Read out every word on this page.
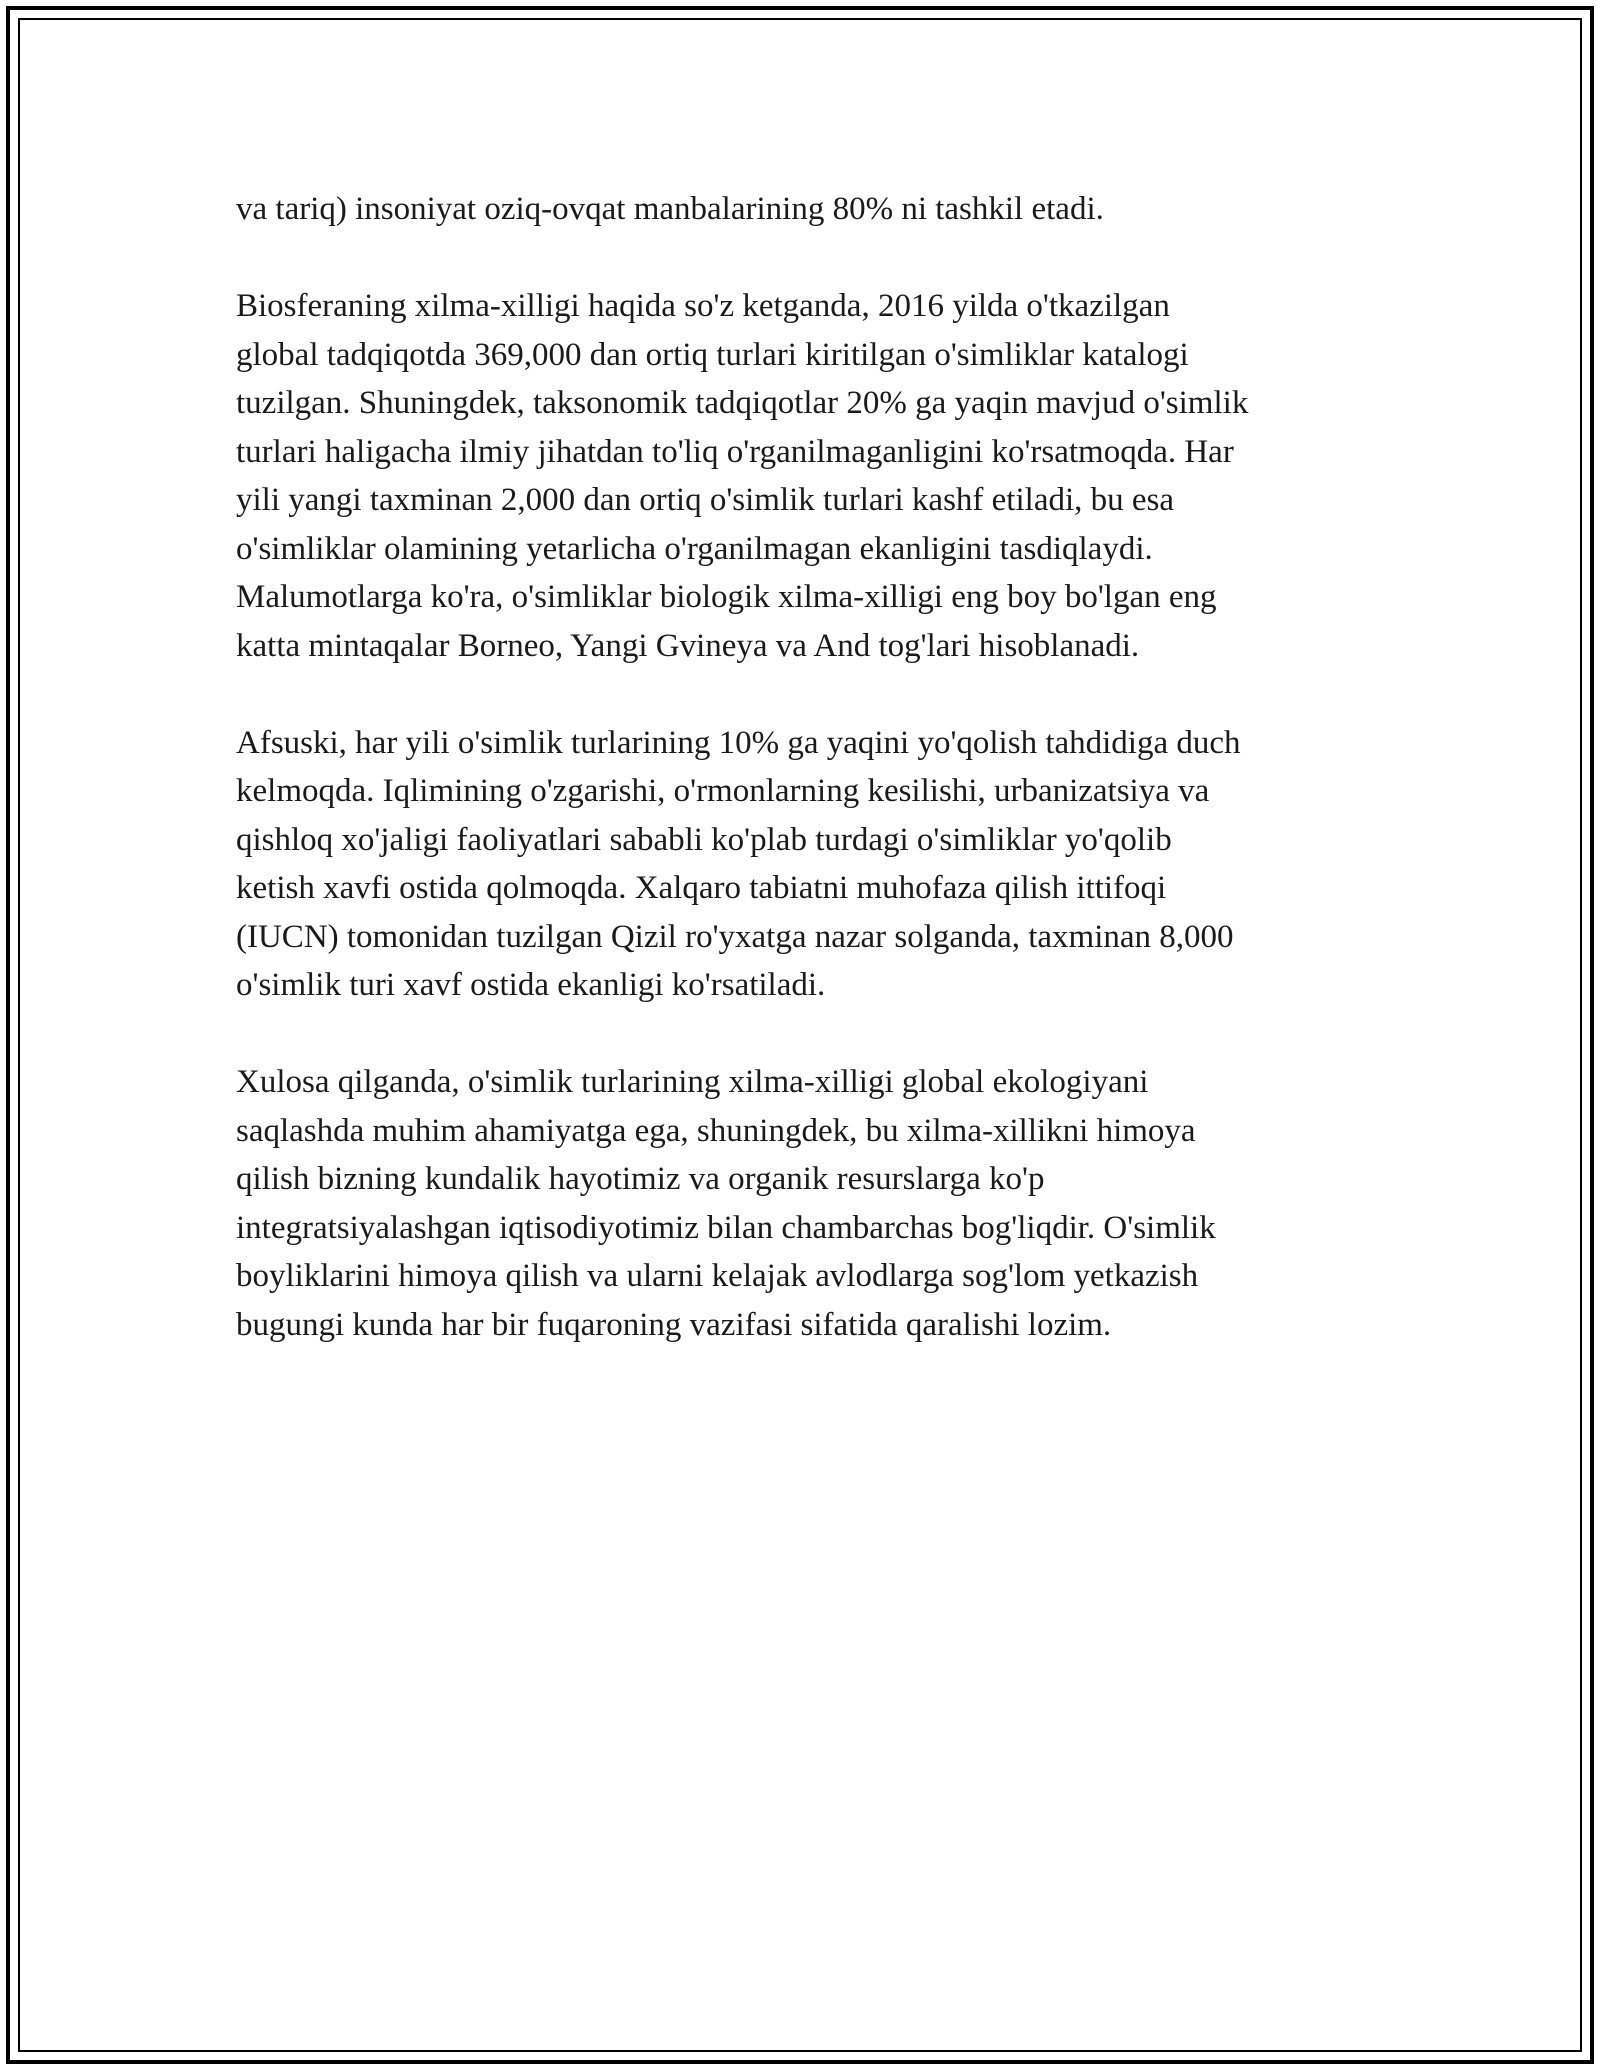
va tariq) insoniyat oziq-ovqat manbalarining 80% ni tashkil etadi.

Biosferaning xilma-xilligi haqida so'z ketganda, 2016 yilda o'tkazilgan
global tadqiqotda 369,000 dan ortiq turlari kiritilgan o'simliklar katalogi
tuzilgan. Shuningdek, taksonomik tadqiqotlar 20% ga yaqin mavjud o'simlik
turlari haligacha ilmiy jihatdan to'liq o'rganilmaganligini ko'rsatmoqda. Har
yili yangi taxminan 2,000 dan ortiq o'simlik turlari kashf etiladi, bu esa
o'simliklar olamining yetarlicha o'rganilmagan ekanligini tasdiqlaydi.
Malumotlarga ko'ra, o'simliklar biologik xilma-xilligi eng boy bo'lgan eng
katta mintaqalar Borneo, Yangi Gvineya va And tog'lari hisoblanadi.

Afsuski, har yili o'simlik turlarining 10% ga yaqini yo'qolish tahdidiga duch
kelmoqda. Iqlimining o'zgarishi, o'rmonlarning kesilishi, urbanizatsiya va
qishloq xo'jaligi faoliyatlari sababli ko'plab turdagi o'simliklar yo'qolib
ketish xavfi ostida qolmoqda. Xalqaro tabiatni muhofaza qilish ittifoqi
(IUCN) tomonidan tuzilgan Qizil ro'yxatga nazar solganda, taxminan 8,000
o'simlik turi xavf ostida ekanligi ko'rsatiladi.

Xulosa qilganda, o'simlik turlarining xilma-xilligi global ekologiyani
saqlashda muhim ahamiyatga ega, shuningdek, bu xilma-xillikni himoya
qilish bizning kundalik hayotimiz va organik resurslarga ko'p
integratsiyalashgan iqtisodiyotimiz bilan chambarchas bog'liqdir. O'simlik
boyliklarini himoya qilish va ularni kelajak avlodlarga sog'lom yetkazish
bugungi kunda har bir fuqaroning vazifasi sifatida qaralishi lozim.
